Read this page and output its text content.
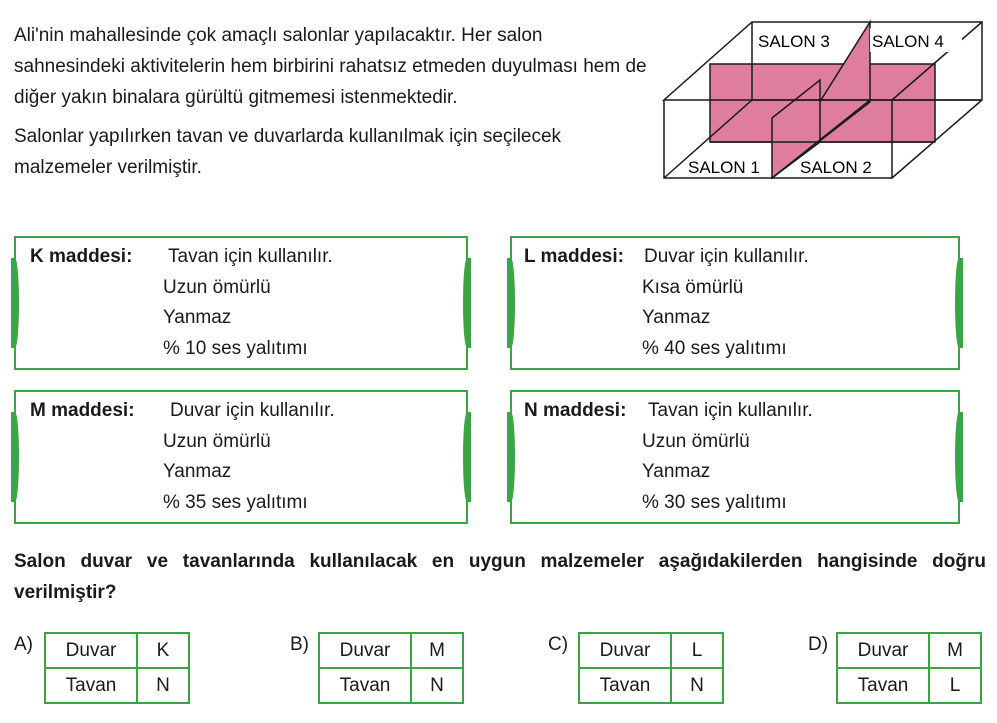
Ali'nin mahallesinde çok amaçlı salonlar yapılacaktır. Her salon sahnesindeki aktivitelerin hem birbirini rahatsız etmeden duyulması hem de diğer yakın binalara gürültü gitmemesi istenmektedir.

Salonlar yapılırken tavan ve duvarlarda kullanılmak için seçilecek malzemeler verilmiştir.

SALON 3 SALON 4
SALON 1 SALON 2
K maddesi: Tavan için kullanılır.
Uzun ömürlü
Yanmaz
% 10 ses yalıtımı
L maddesi: Duvar için kullanılır.
Kısa ömürlü
Yanmaz
% 40 ses yalıtımı
M maddesi: Duvar için kullanılır.
Uzun ömürlü
Yanmaz
% 35 ses yalıtımı
N maddesi: Tavan için kullanılır.
Uzun ömürlü
Yanmaz
% 30 ses yalıtımı
Salon duvar ve tavanlarında kullanılacak en uygun malzemeler aşağıdakilerden hangisinde doğru verilmiştir?
A) Duvar	K
Tavan	N
B) Duvar	M
Tavan	N
C) Duvar	L
Tavan	N
D) Duvar	M
Tavan	L
